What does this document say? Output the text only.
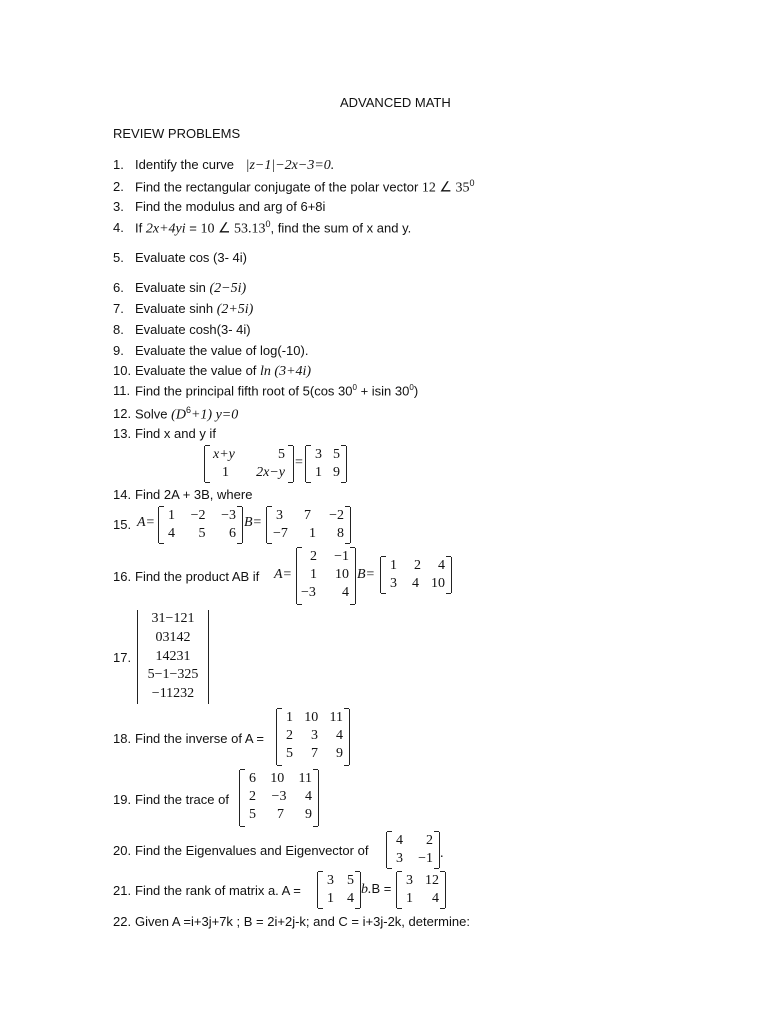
ADVANCED MATH
REVIEW PROBLEMS
1. Identify the curve |z−1|−2x−3=0.
2. Find the rectangular conjugate of the polar vector 12 ∠ $35^0$
3. Find the modulus and arg of 6+8i
4. If 2x+4yi = 10 ∠ 53.13$^0$, find the sum of x and y.
5. Evaluate cos (3- 4i)
6. Evaluate sin (2−5i)
7. Evaluate sinh (2+5i)
8. Evaluate cosh(3- 4i)
9. Evaluate the value of log(-10).
10. Evaluate the value of ln (3+4i)
11. Find the principal fifth root of 5(cos $30^0 + isin$ $30^0$)
12. Solve $(D^6+1)$ y=0
13. Find x and y if
x+y	5
1 2x−y
=
3 5
1 9
14. Find 2A + 3B, where
15. A= 1 −2 −3
4 5 6
B= 3 7 −2
−7 1 8
16. Find the product AB if A=
2 −1
1 10
−3 4
B=
1 2 4
3 4 10
17.
31−121
03142
14231
5−1−325
−11232
18. Find the inverse of A =
1 10 11
2 3 4
5 7 9
19. Find the trace of
6 10 11
2 −3 4
5 7 9
20. Find the Eigenvalues and Eigenvector of
4 2
3 −1 .
21. Find the rank of matrix a. A =
3 5
1 4
b.B =
3 12
1 4
22. Given A =i+3j+7k ; B = 2i+2j-k; and C = i+3j-2k, determine:
